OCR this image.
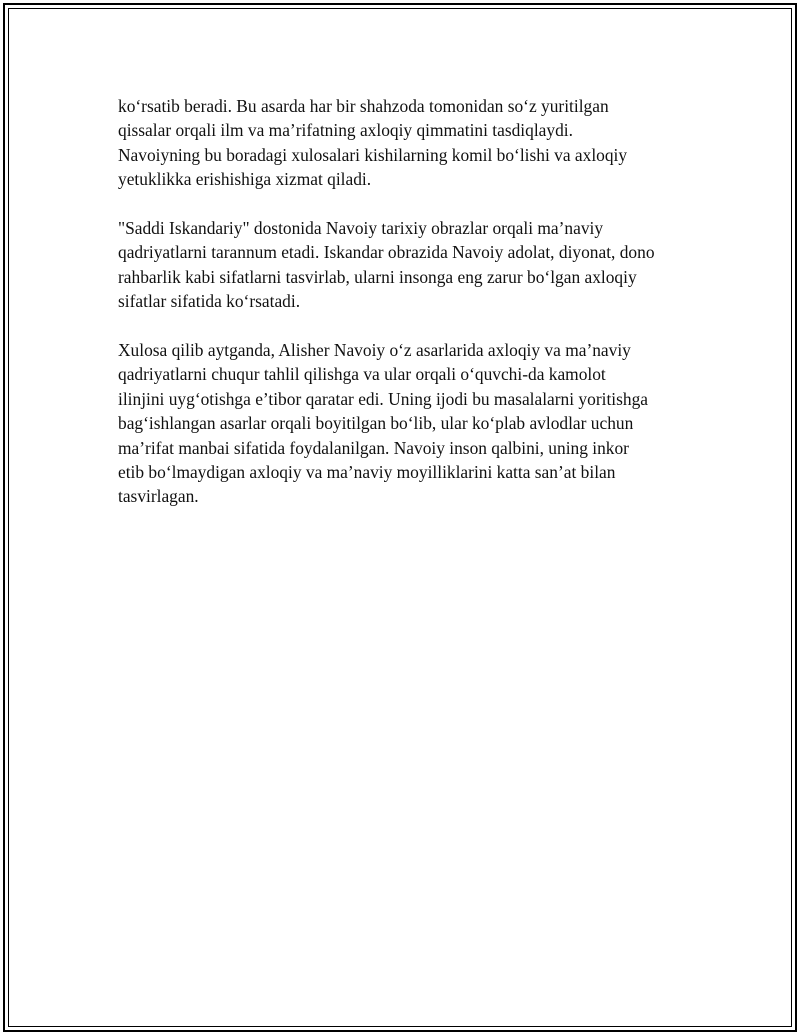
ko‘rsatib beradi. Bu asarda har bir shahzoda tomonidan so‘z yuritilgan
qissalar orqali ilm va ma’rifatning axloqiy qimmatini tasdiqlaydi.
Navoiyning bu boradagi xulosalari kishilarning komil bo‘lishi va axloqiy
yetuklikka erishishiga xizmat qiladi.

"Saddi Iskandariy" dostonida Navoiy tarixiy obrazlar orqali ma’naviy
qadriyatlarni tarannum etadi. Iskandar obrazida Navoiy adolat, diyonat, dono
rahbarlik kabi sifatlarni tasvirlab, ularni insonga eng zarur bo‘lgan axloqiy
sifatlar sifatida ko‘rsatadi.

Xulosa qilib aytganda, Alisher Navoiy o‘z asarlarida axloqiy va ma’naviy
qadriyatlarni chuqur tahlil qilishga va ular orqali o‘quvchi-da kamolot
ilinjini uyg‘otishga e’tibor qaratar edi. Uning ijodi bu masalalarni yoritishga
bag‘ishlangan asarlar orqali boyitilgan bo‘lib, ular ko‘plab avlodlar uchun
ma’rifat manbai sifatida foydalanilgan. Navoiy inson qalbini, uning inkor
etib bo‘lmaydigan axloqiy va ma’naviy moyilliklarini katta san’at bilan
tasvirlagan.
